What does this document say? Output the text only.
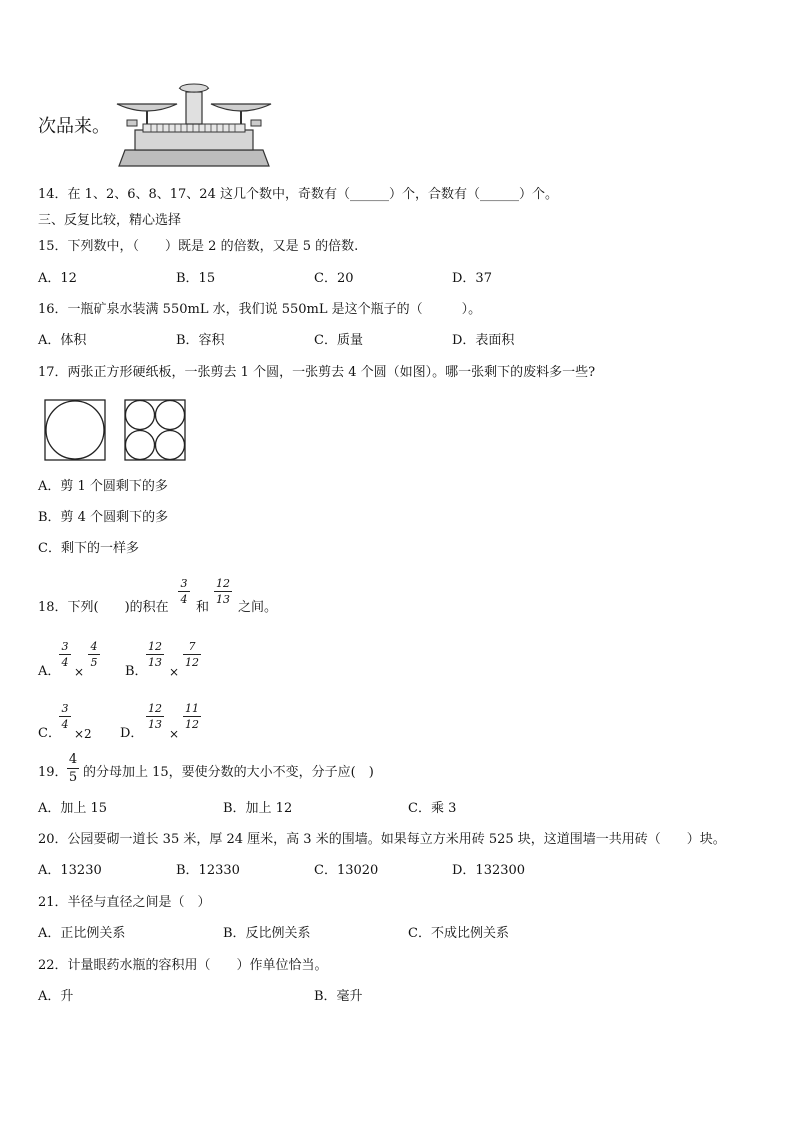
次品来。
14．在 1、2、6、8、17、24 这几个数中，奇数有（______）个，合数有（______）个。
三、反复比较，精心选择
15．下列数中，（　　）既是 2 的倍数，又是 5 的倍数.
A．12	B．15	C．20	D．37
16．一瓶矿泉水装满 550mL 水，我们说 550mL 是这个瓶子的（　　　）。
A．体积	B．容积	C．质量	D．表面积
17．两张正方形硬纸板，一张剪去 1 个圆，一张剪去 4 个圆（如图）。哪一张剩下的废料多一些?
A．剪 1 个圆剩下的多
B．剪 4 个圆剩下的多
C．剩下的一样多
18．下列(　　)的积在
3
4
和
12
13
之间。
A．
3
4
×
4
5
B．
12
13
×
7
12
C．
3
4
×2 D．
12
13
×
11
12
19．
4
5 的分母加上 15，要使分数的大小不变，分子应(　)
A．加上 15	B．加上 12	C．乘 3
20．公园要砌一道长 35 米，厚 24 厘米，高 3 米的围墙。如果每立方米用砖 525 块，这道围墙一共用砖（　　）块。
A．13230	B．12330	C．13020	D．132300
21．半径与直径之间是（　）
A．正比例关系	B．反比例关系	C．不成比例关系
22．计量眼药水瓶的容积用（　　）作单位恰当。
A．升	B．毫升
